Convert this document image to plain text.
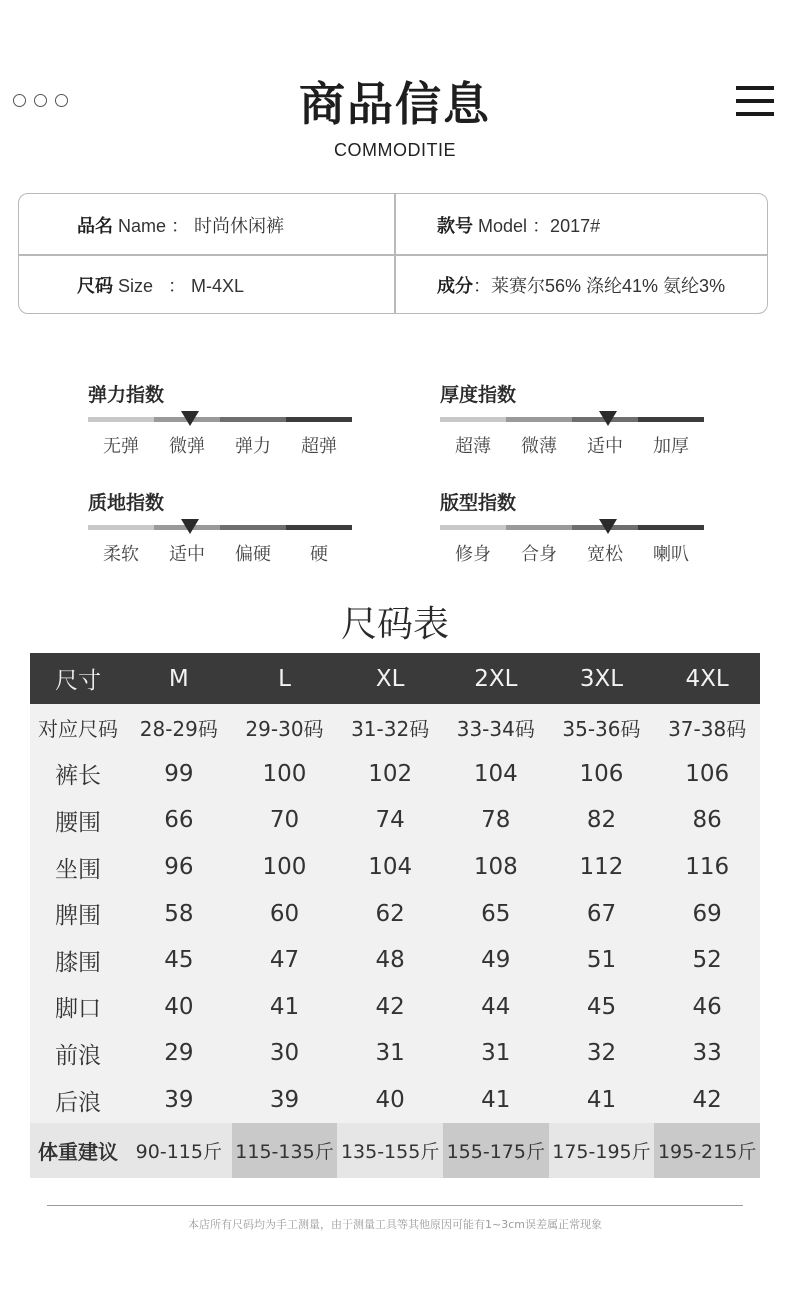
商品信息
COMMODITIE
品名 Name ： 时尚休闲裤	款号 Model ：2017#
尺码 Size ： M-4XL	成分：莱赛尔56% 涤纶41% 氨纶3%
弹力指数
无弹	微弹	弹力	超弹
厚度指数
超薄	微薄	适中	加厚
质地指数
柔软	适中	偏硬	硬
版型指数
修身	合身	宽松	喇叭
尺码表
尺寸	M	L	XL	2XL	3XL	4XL
对应尺码	28-29码	29-30码	31-32码	33-34码	35-36码	37-38码
裤长	99	100	102	104	106	106
腰围	66	70	74	78	82	86
坐围	96	100	104	108	112	116
脾围	58	60	62	65	67	69
膝围	45	47	48	49	51	52
脚口	40	41	42	44	45	46
前浪	29	30	31	31	32	33
后浪	39	39	40	41	41	42
体重建议	90-115斤	115-135斤	135-155斤	155-175斤	175-195斤	195-215斤
本店所有尺码均为手工测量，由于测量工具等其他原因可能有1~3cm误差属正常现象
